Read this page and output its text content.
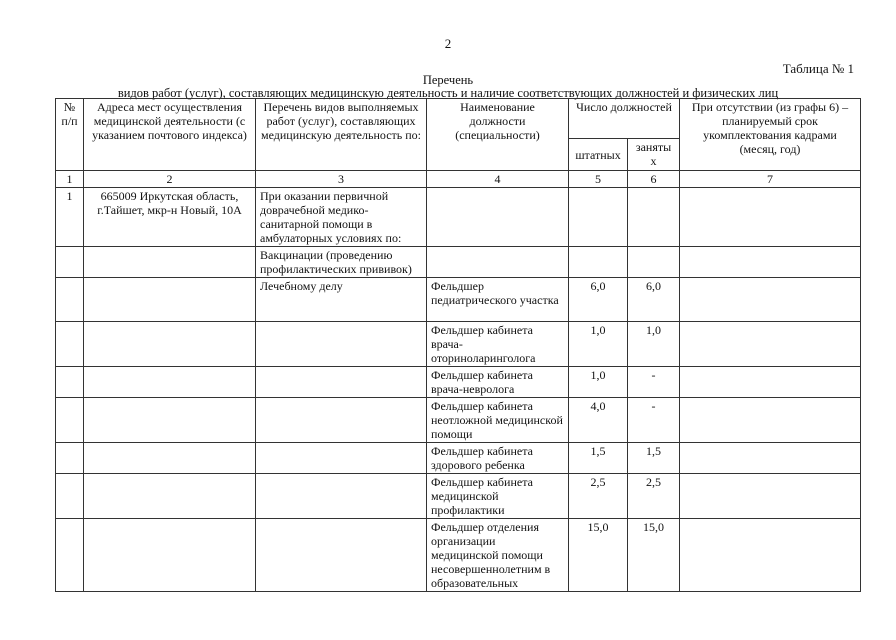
2
Таблица № 1
Перечень
видов работ (услуг), составляющих медицинскую деятельность и наличие соответствующих должностей и физических лиц
№ п/п	Адреса мест осуществления медицинской деятельности (с указанием почтового индекса)	Перечень видов выполняемых работ (услуг), составляющих медицинскую деятельность по:	Наименование должности (специальности)	Число должностей		При отсутствии (из графы 6) – планируемый срок укомплектования кадрами (месяц, год)
				штатных	заняты х	
1	2	3	4	5	6	7
1	665009 Иркутская область, г.Тайшет, мкр-н Новый, 10А	При оказании первичной доврачебной медико-санитарной помощи в амбулаторных условиях по:				
		Вакцинации (проведению профилактических прививок)				
		Лечебному делу	Фельдшер педиатрического участка	6,0	6,0	
			Фельдшер кабинета врача-оториноларинголога	1,0	1,0	
			Фельдшер кабинета врача-невролога	1,0	-	
			Фельдшер кабинета неотложной медицинской помощи	4,0	-	
			Фельдшер кабинета здорового ребенка	1,5	1,5	
			Фельдшер кабинета медицинской профилактики	2,5	2,5	
			Фельдшер отделения организации медицинской помощи несовершеннолетним в образовательных	15,0	15,0	
